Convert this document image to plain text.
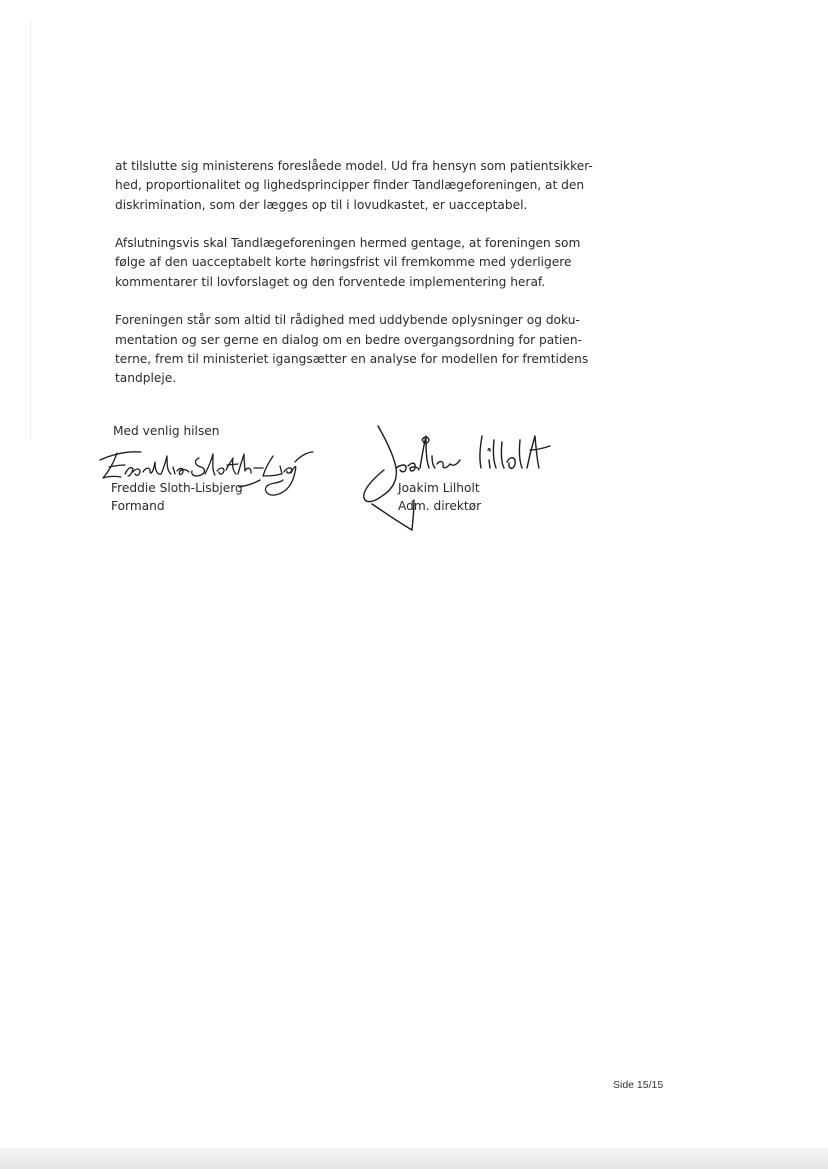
at tilslutte sig ministerens foreslåede model. Ud fra hensyn som patientsikker-hed, proportionalitet og lighedsprincipper finder Tandlægeforeningen, at den diskrimination, som der lægges op til i lovudkastet, er uacceptabel.

Afslutningsvis skal Tandlægeforeningen hermed gentage, at foreningen som følge af den uacceptabelt korte høringsfrist vil fremkomme med yderligere kommentarer til lovforslaget og den forventede implementering heraf.

Foreningen står som altid til rådighed med uddybende oplysninger og doku-mentation og ser gerne en dialog om en bedre overgangsordning for patien-terne, frem til ministeriet igangsætter en analyse for modellen for fremtidens tandpleje.

Med venlig hilsen
Freddie Sloth-Lisbjerg
Formand
Joakim Lilholt
Adm. direktør
Side 15/15
